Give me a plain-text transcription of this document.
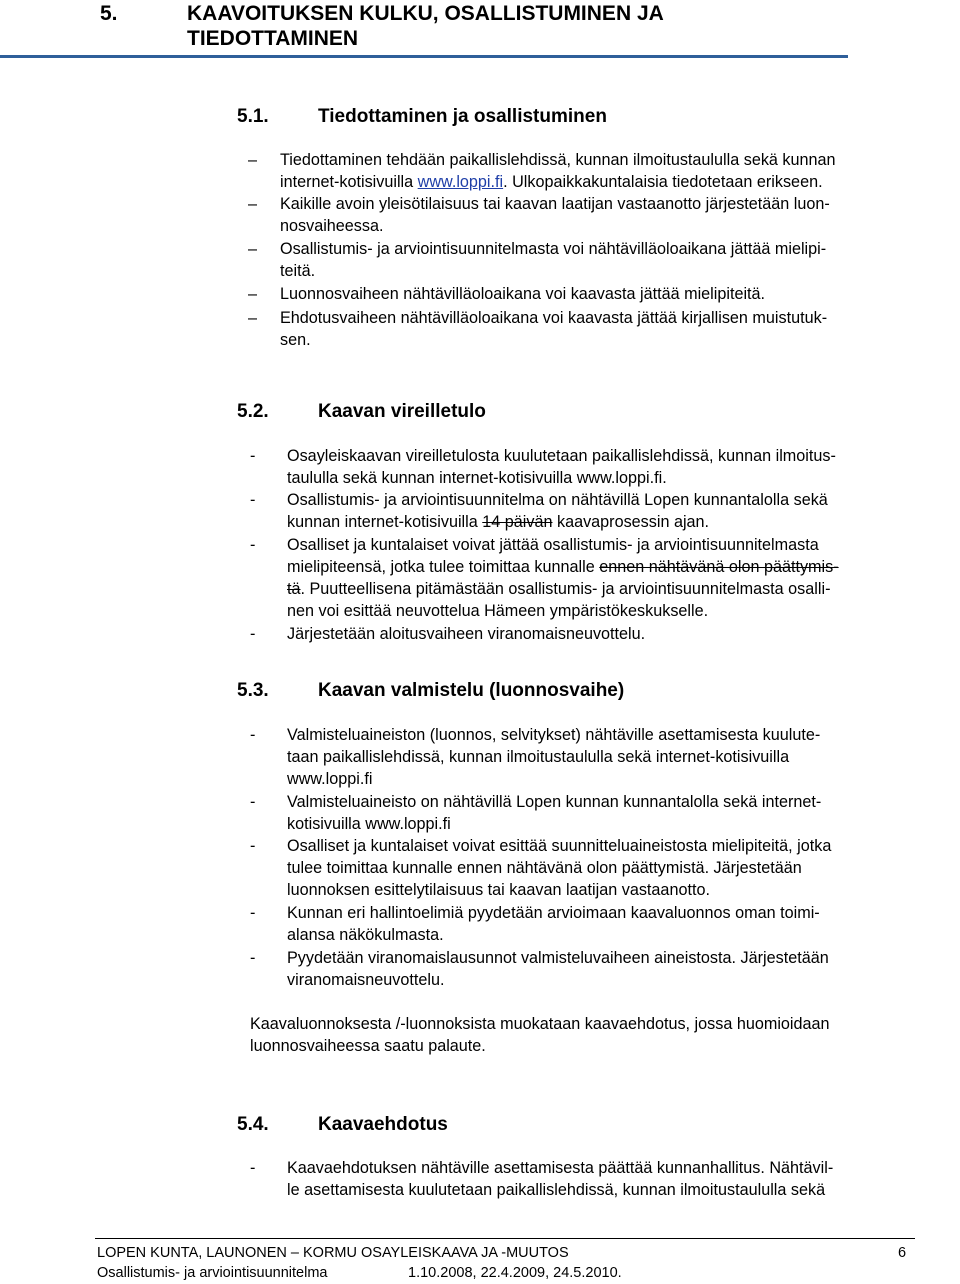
5.	KAAVOITUKSEN KULKU, OSALLISTUMINEN JA
TIEDOTTAMINEN
5.1.	Tiedottaminen ja osallistuminen
– Tiedottaminen tehdään paikallislehdissä, kunnan ilmoitustaululla sekä kunnan
internet-kotisivuilla www.loppi.fi. Ulkopaikkakuntalaisia tiedotetaan erikseen.
– Kaikille avoin yleisötilaisuus tai kaavan laatijan vastaanotto järjestetään luon-
nosvaiheessa.
– Osallistumis- ja arviointisuunnitelmasta voi nähtävilläoloaikana jättää mielipi-
teitä.
– Luonnosvaiheen nähtävilläoloaikana voi kaavasta jättää mielipiteitä.
– Ehdotusvaiheen nähtävilläoloaikana voi kaavasta jättää kirjallisen muistutuk-
sen.
5.2.	Kaavan vireilletulo
- Osayleiskaavan vireilletulosta kuulutetaan paikallislehdissä, kunnan ilmoitus-
taululla sekä kunnan internet-kotisivuilla www.loppi.fi.
- Osallistumis- ja arviointisuunnitelma on nähtävillä Lopen kunnantalolla sekä
kunnan internet-kotisivuilla 14 päivän kaavaprosessin ajan.
- Osalliset ja kuntalaiset voivat jättää osallistumis- ja arviointisuunnitelmasta
mielipiteensä, jotka tulee toimittaa kunnalle ennen nähtävänä olon päättymis-
tä. Puutteellisena pitämästään osallistumis- ja arviointisuunnitelmasta osalli-
nen voi esittää neuvottelua Hämeen ympäristökeskukselle.
- Järjestetään aloitusvaiheen viranomaisneuvottelu.
5.3.	Kaavan valmistelu (luonnosvaihe)
- Valmisteluaineiston (luonnos, selvitykset) nähtäville asettamisesta kuulute-
taan paikallislehdissä, kunnan ilmoitustaululla sekä internet-kotisivuilla
www.loppi.fi
- Valmisteluaineisto on nähtävillä Lopen kunnan kunnantalolla sekä internet-
kotisivuilla www.loppi.fi
- Osalliset ja kuntalaiset voivat esittää suunnitteluaineistosta mielipiteitä, jotka
tulee toimittaa kunnalle ennen nähtävänä olon päättymistä. Järjestetään
luonnoksen esittelytilaisuus tai kaavan laatijan vastaanotto.
- Kunnan eri hallintoelimiä pyydetään arvioimaan kaavaluonnos oman toimi-
alansa näkökulmasta.
- Pyydetään viranomaislausunnot valmisteluvaiheen aineistosta. Järjestetään
viranomaisneuvottelu.
Kaavaluonnoksesta /-luonnoksista muokataan kaavaehdotus, jossa huomioidaan
luonnosvaiheessa saatu palaute.
5.4.	Kaavaehdotus
- Kaavaehdotuksen nähtäville asettamisesta päättää kunnanhallitus. Nähtävil-
le asettamisesta kuulutetaan paikallislehdissä, kunnan ilmoitustaululla sekä
LOPEN KUNTA, LAUNONEN – KORMU OSAYLEISKAAVA JA -MUUTOS	6
Osallistumis- ja arviointisuunnitelma	1.10.2008, 22.4.2009, 24.5.2010.
